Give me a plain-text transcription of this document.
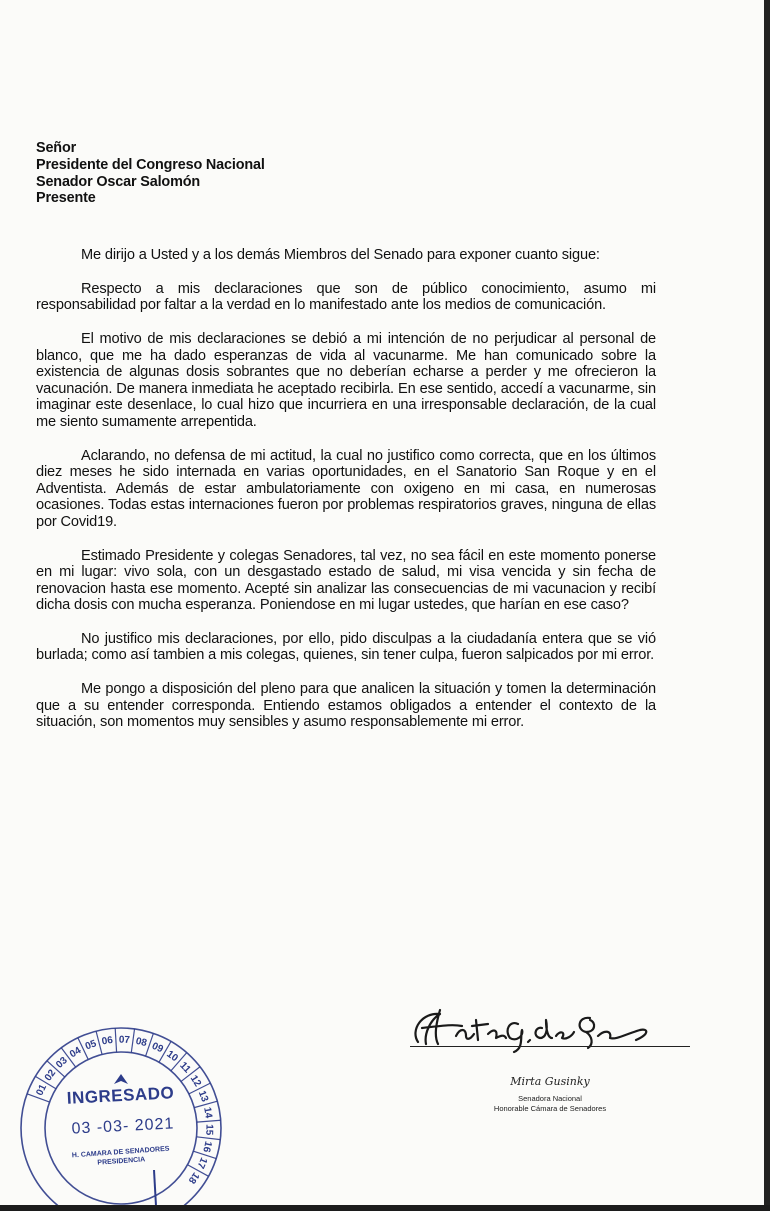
Señor
Presidente del Congreso Nacional
Senador Oscar Salomón
Presente

Me dirijo a Usted y a los demás Miembros del Senado para exponer cuanto sigue:

Respecto a mis declaraciones que son de público conocimiento, asumo mi responsabilidad por faltar a la verdad en lo manifestado ante los medios de comunicación.

El motivo de mis declaraciones se debió a mi intención de no perjudicar al personal de blanco, que me ha dado esperanzas de vida al vacunarme. Me han comunicado sobre la existencia de algunas dosis sobrantes que no deberían echarse a perder y me ofrecieron la vacunación. De manera inmediata he aceptado recibirla. En ese sentido, accedí a vacunarme, sin imaginar este desenlace, lo cual hizo que incurriera en una irresponsable declaración, de la cual me siento sumamente arrepentida.

Aclarando, no defensa de mi actitud, la cual no justifico como correcta, que en los últimos diez meses he sido internada en varias oportunidades, en el Sanatorio San Roque y en el Adventista. Además de estar ambulatoriamente con oxigeno en mi casa, en numerosas ocasiones. Todas estas internaciones fueron por problemas respiratorios graves, ninguna de ellas por Covid19.

Estimado Presidente y colegas Senadores, tal vez, no sea fácil en este momento ponerse en mi lugar: vivo sola, con un desgastado estado de salud, mi visa vencida y sin fecha de renovacion hasta ese momento. Acepté sin analizar las consecuencias de mi vacunacion y recibí dicha dosis con mucha esperanza. Poniendose en mi lugar ustedes, que harían en ese caso?

No justifico mis declaraciones, por ello, pido disculpas a la ciudadanía entera que se vió burlada; como así tambien a mis colegas, quienes, sin tener culpa, fueron salpicados por mi error.

Me pongo a disposición del pleno para que analicen la situación y tomen la determinación que a su entender corresponda. Entiendo estamos obligados a entender el contexto de la situación, son momentos muy sensibles y asumo responsablemente mi error.

Mirta Gusinky
Senadora Nacional
Honorable Cámara de Senadores
01
02
03
04 05 06 07 08 09
10
11
12
13
14
15
16
17
18
INGRESADO
03 -03- 2021
H. CAMARA DE SENADORES
PRESIDENCIA
